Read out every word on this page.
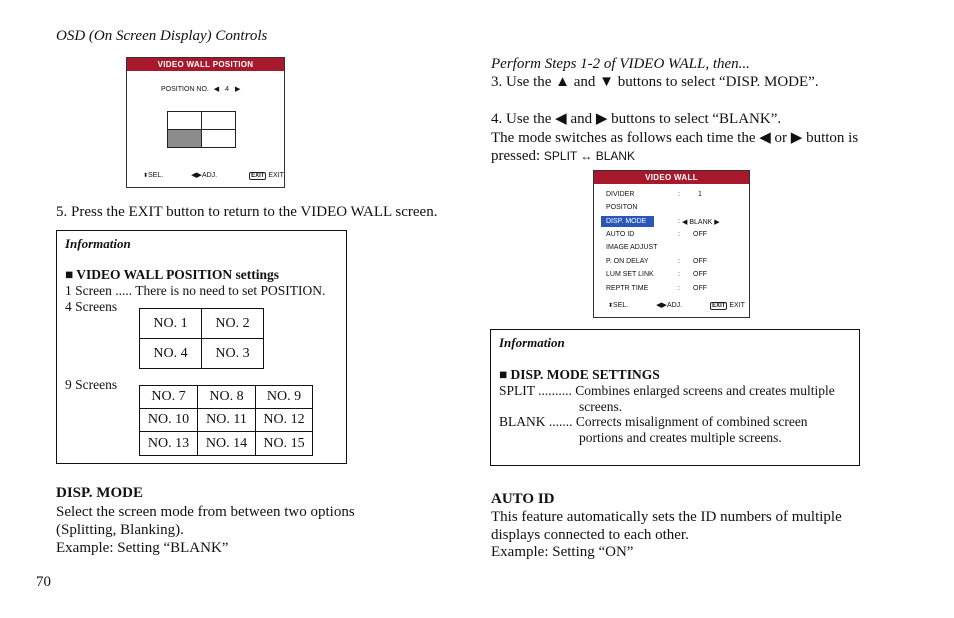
OSD (On Screen Display) Controls
VIDEO WALL POSITION
POSITION NO. ◀ 4 ▶
⬍SEL.	◀▶ADJ.	EXIT EXIT
5. Press the EXIT button to return to the VIDEO WALL screen.
Information
■ VIDEO WALL POSITION settings
1 Screen ..... There is no need to set POSITION.
4 Screens
NO. 1	NO. 2
NO. 4	NO. 3
9 Screens
NO. 7	NO. 8	NO. 9
NO. 10	NO. 11	NO. 12
NO. 13	NO. 14	NO. 15
DISP. MODE
Select the screen mode from between two options
(Splitting, Blanking).
Example: Setting “BLANK”
70
Perform Steps 1-2 of VIDEO WALL, then...
3. Use the ▲ and ▼ buttons to select “DISP. MODE”.
4. Use the ◀ and ▶ buttons to select “BLANK”.
The mode switches as follows each time the ◀ or ▶ button is
pressed: SPLIT ↔ BLANK
VIDEO WALL
DIVIDER	:	1
POSITON
DISP. MODE	: ◀ BLANK ▶
AUTO ID	: OFF
IMAGE ADJUST
P. ON DELAY	: OFF
LUM SET LINK	: OFF
REPTR TIME	: OFF
⬍SEL.	◀▶ADJ.	EXIT EXIT
Information
■ DISP. MODE SETTINGS
SPLIT .......... Combines enlarged screens and creates multiple
screens.
BLANK ....... Corrects misalignment of combined screen
portions and creates multiple screens.
AUTO ID
This feature automatically sets the ID numbers of multiple
displays connected to each other.
Example: Setting “ON”
